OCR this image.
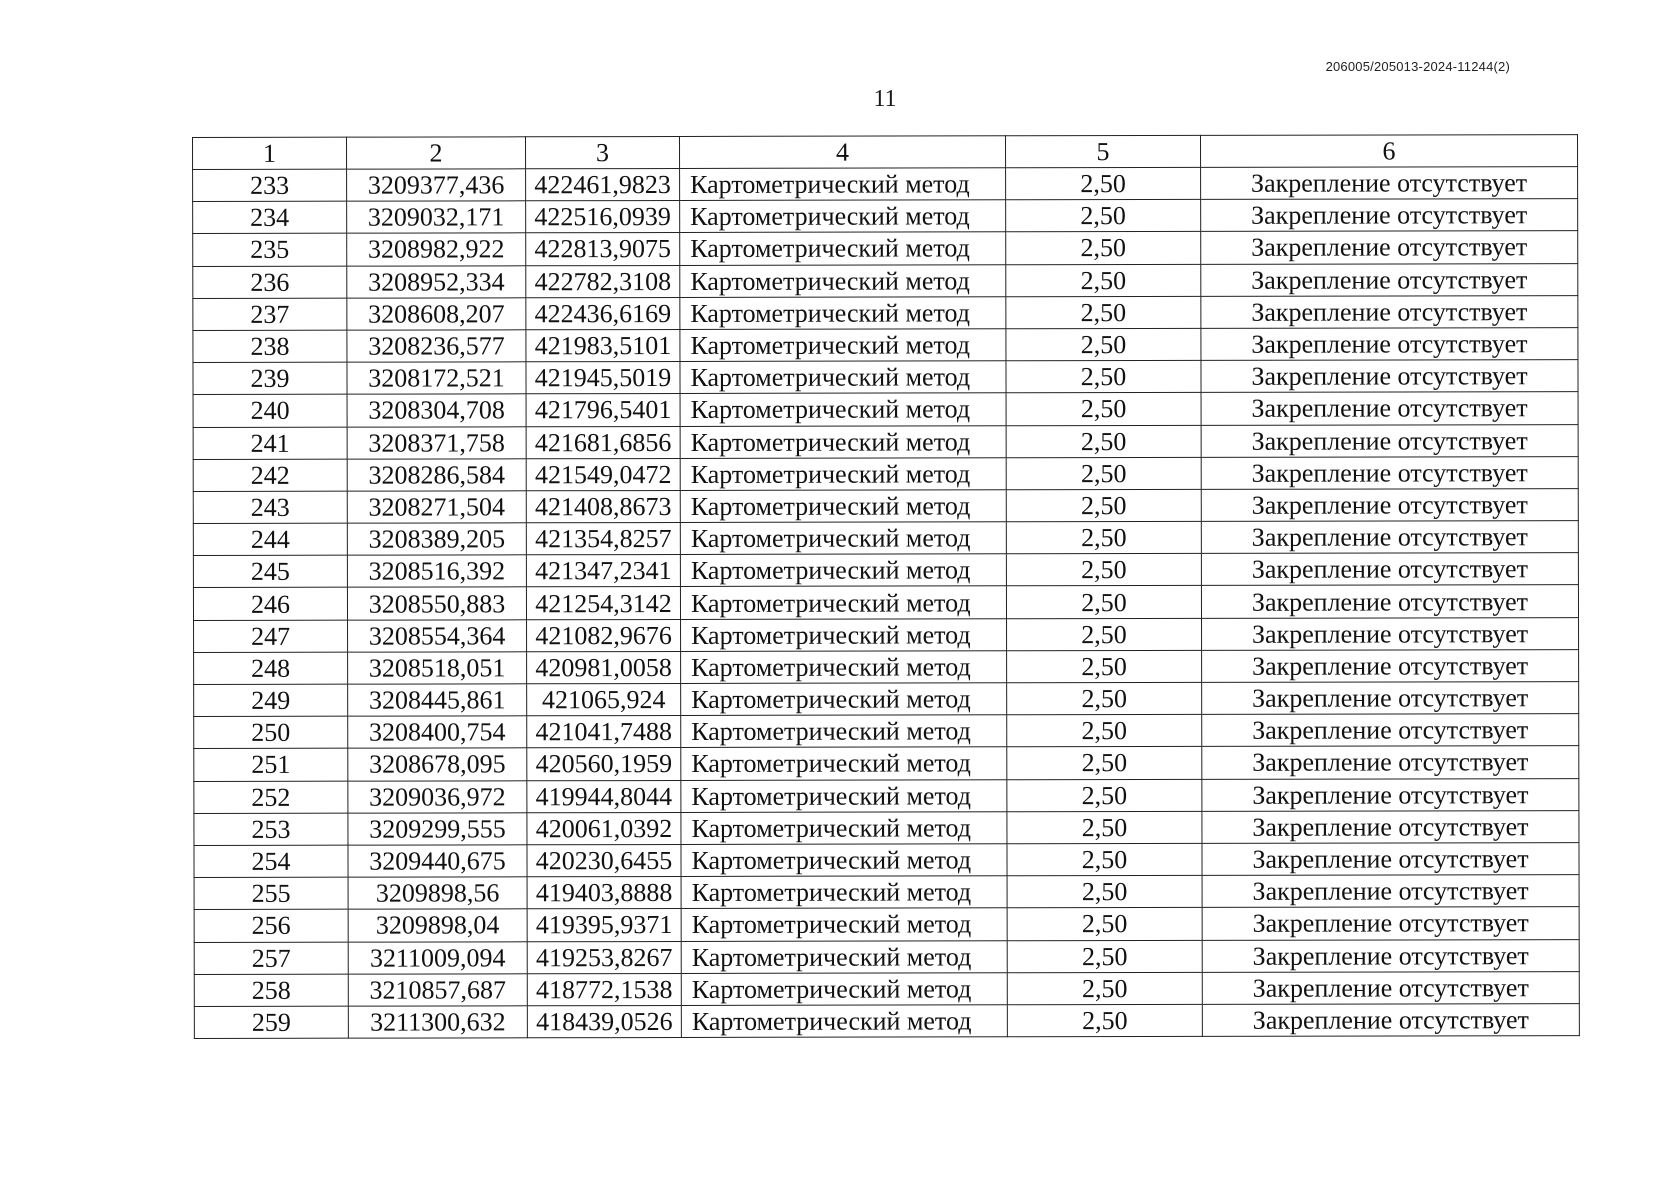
206005/205013-2024-11244(2)
11
1	2	3	4	5	6
233	3209377,436	422461,9823	Картометрический метод	2,50	Закрепление отсутствует
234	3209032,171	422516,0939	Картометрический метод	2,50	Закрепление отсутствует
235	3208982,922	422813,9075	Картометрический метод	2,50	Закрепление отсутствует
236	3208952,334	422782,3108	Картометрический метод	2,50	Закрепление отсутствует
237	3208608,207	422436,6169	Картометрический метод	2,50	Закрепление отсутствует
238	3208236,577	421983,5101	Картометрический метод	2,50	Закрепление отсутствует
239	3208172,521	421945,5019	Картометрический метод	2,50	Закрепление отсутствует
240	3208304,708	421796,5401	Картометрический метод	2,50	Закрепление отсутствует
241	3208371,758	421681,6856	Картометрический метод	2,50	Закрепление отсутствует
242	3208286,584	421549,0472	Картометрический метод	2,50	Закрепление отсутствует
243	3208271,504	421408,8673	Картометрический метод	2,50	Закрепление отсутствует
244	3208389,205	421354,8257	Картометрический метод	2,50	Закрепление отсутствует
245	3208516,392	421347,2341	Картометрический метод	2,50	Закрепление отсутствует
246	3208550,883	421254,3142	Картометрический метод	2,50	Закрепление отсутствует
247	3208554,364	421082,9676	Картометрический метод	2,50	Закрепление отсутствует
248	3208518,051	420981,0058	Картометрический метод	2,50	Закрепление отсутствует
249	3208445,861	421065,924	Картометрический метод	2,50	Закрепление отсутствует
250	3208400,754	421041,7488	Картометрический метод	2,50	Закрепление отсутствует
251	3208678,095	420560,1959	Картометрический метод	2,50	Закрепление отсутствует
252	3209036,972	419944,8044	Картометрический метод	2,50	Закрепление отсутствует
253	3209299,555	420061,0392	Картометрический метод	2,50	Закрепление отсутствует
254	3209440,675	420230,6455	Картометрический метод	2,50	Закрепление отсутствует
255	3209898,56	419403,8888	Картометрический метод	2,50	Закрепление отсутствует
256	3209898,04	419395,9371	Картометрический метод	2,50	Закрепление отсутствует
257	3211009,094	419253,8267	Картометрический метод	2,50	Закрепление отсутствует
258	3210857,687	418772,1538	Картометрический метод	2,50	Закрепление отсутствует
259	3211300,632	418439,0526	Картометрический метод	2,50	Закрепление отсутствует
